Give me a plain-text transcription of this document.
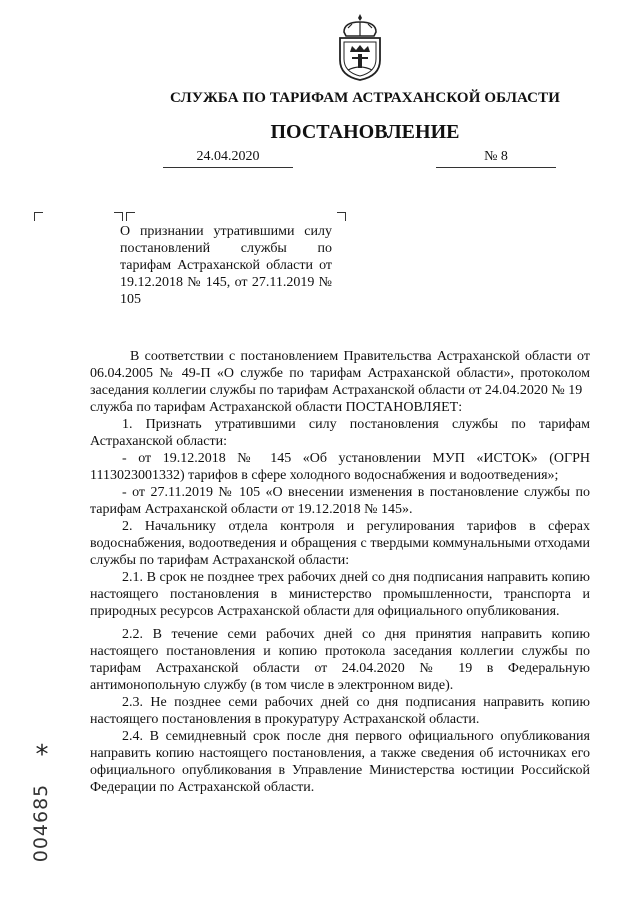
СЛУЖБА ПО ТАРИФАМ АСТРАХАНСКОЙ ОБЛАСТИ
ПОСТАНОВЛЕНИЕ
24.04.2020	№ 8
О признании утратившими силу постановлений службы по тарифам Астраханской области от 19.12.2018 № 145, от 27.11.2019 № 105

В соответствии с постановлением Правительства Астраханской области от 06.04.2005 № 49-П «О службе по тарифам Астраханской области», протоколом заседания коллегии службы по тарифам Астраханской области от 24.04.2020 № 19

служба по тарифам Астраханской области ПОСТАНОВЛЯЕТ:

1. Признать утратившими силу постановления службы по тарифам Астраханской области:

- от 19.12.2018 № 145 «Об установлении МУП «ИСТОК» (ОГРН 1113023001332) тарифов в сфере холодного водоснабжения и водоотведения»;

- от 27.11.2019 № 105 «О внесении изменения в постановление службы по тарифам Астраханской области от 19.12.2018 № 145».

2. Начальнику отдела контроля и регулирования тарифов в сферах водоснабжения, водоотведения и обращения с твердыми коммунальными отходами службы по тарифам Астраханской области:

2.1. В срок не позднее трех рабочих дней со дня подписания направить копию настоящего постановления в министерство промышленности, транспорта и природных ресурсов Астраханской области для официального опубликования.

2.2. В течение семи рабочих дней со дня принятия направить копию настоящего постановления и копию протокола заседания коллегии службы по тарифам Астраханской области от 24.04.2020 № 19 в Федеральную антимонопольную службу (в том числе в электронном виде).

2.3. Не позднее семи рабочих дней со дня подписания направить копию настоящего постановления в прокуратуру Астраханской области.

2.4. В семидневный срок после дня первого официального опубликования направить копию настоящего постановления, а также сведения об источниках его официального опубликования в Управление Министерства юстиции Российской Федерации по Астраханской области.

*
004685
